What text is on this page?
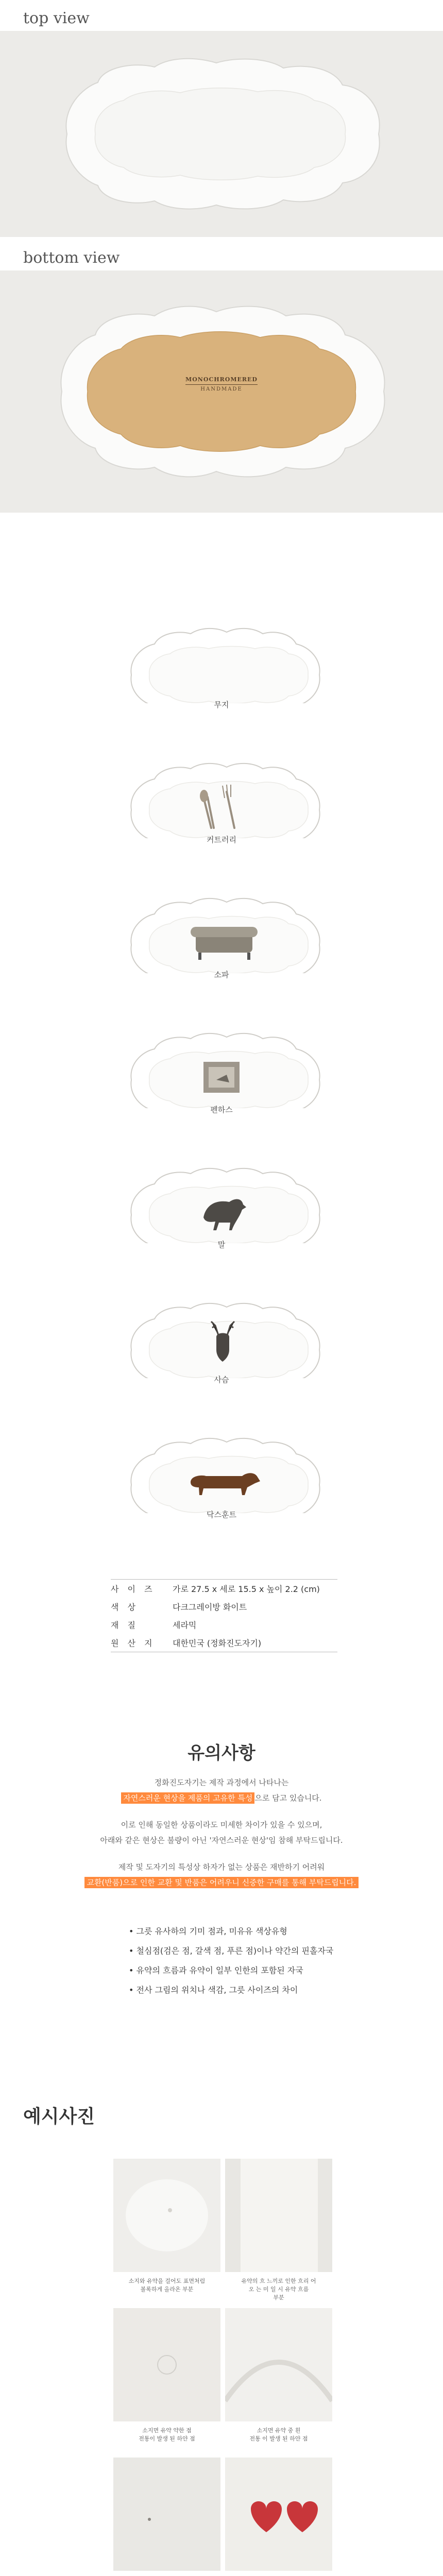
top view
bottom view
MONOCHROMERED
HANDMADE
무지
커트러리
소파
펜하스
말
사슴
닥스훈트
사 이 즈	가로 27.5 x 세로 15.5 x 높이 2.2 (cm)
색 상	다크그레이방 화이트
재 질	세라믹
원 산 지	대한민국 (정화진도자기)
유의사항
정화진도자기는 제작 과정에서 나타나는
자연스러운 현상을 제품의 고유한 특성 으로 담고 있습니다.
이로 인해 동일한 상품이라도 미세한 차이가 있을 수 있으며,
아래와 같은 현상은 불량이 아닌 '자연스러운 현상'임 참해 부탁드립니다.
제작 및 도자기의 특성상 하자가 없는 상품은 재반하기 어려워
교환(반품)으로 인한 교환 및 반품은 어려우니 신중한 구매를 통해 부탁드립니다.
• 그릇 유사하의 기미 점과, 미유유 색상유형
• 철심점(검은 점, 갈색 점, 푸른 점)이나 약간의 핀홀자국
• 유약의 흐름과 유약이 일부 인한의 포함된 자국
• 전사 그림의 위치나 색감, 그릇 사이즈의 차이
예시사진
소지와 유약을 걸어도 표면처럼
볼록하게 올라온 부분
유약의 흐 느끼로 인한 흐리 어
오 는 미 일 시 유약 흐름
부분
소지면 유약 약한 점
전통이 발생 된 하얀 점
소지면 유약 중 흰
전통 이 발생 된 하얀 점
